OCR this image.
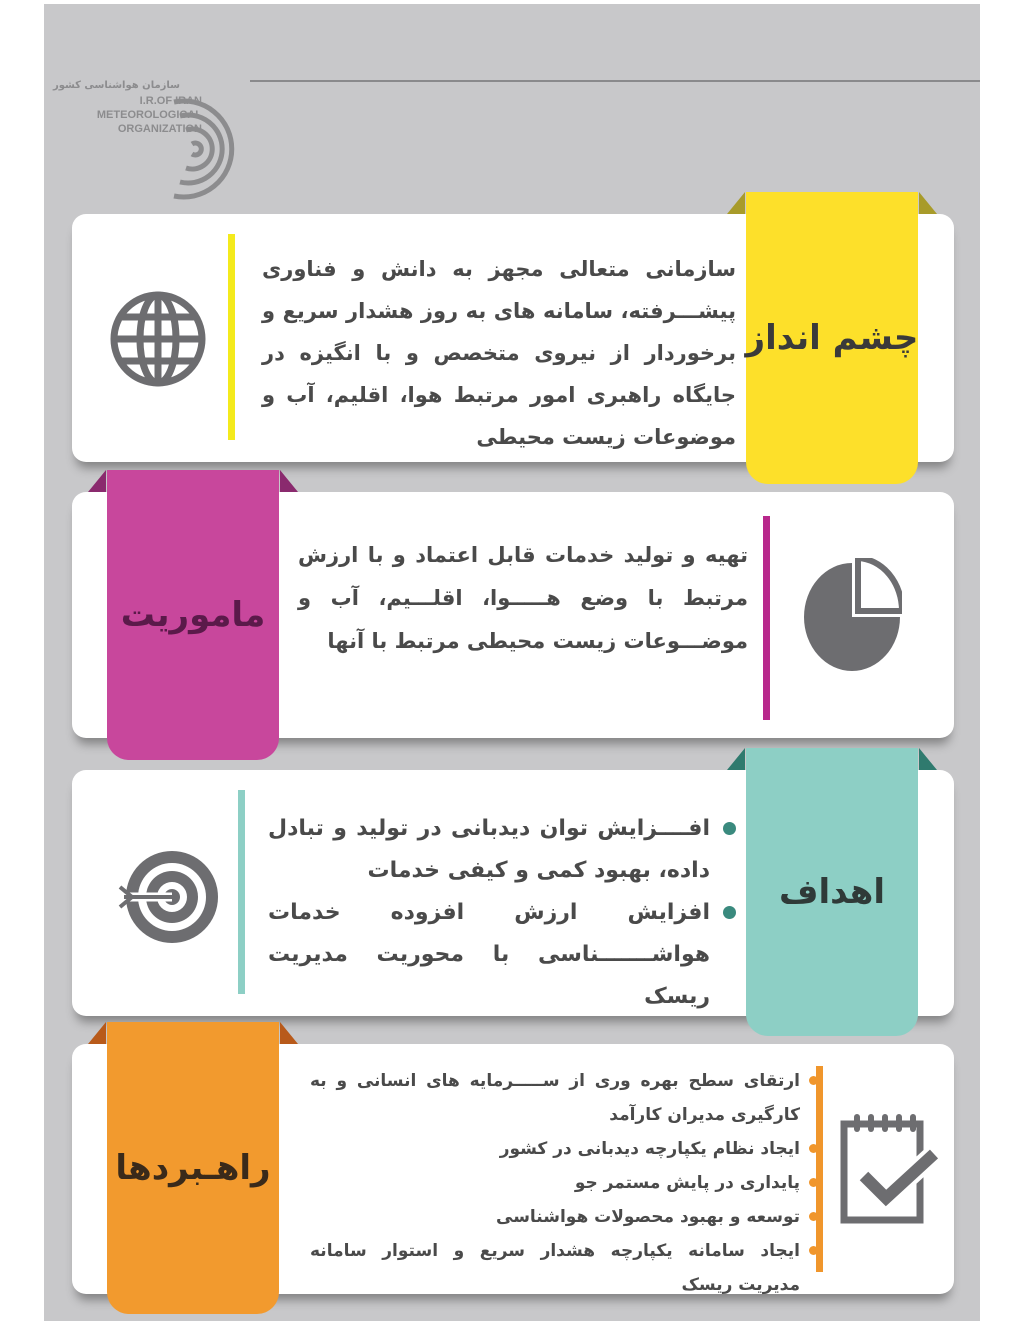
سازمان هواشناسی کشور
I.R.OF IRAN
METEOROLOGICAL
ORGANIZATION
سازمانی متعالی مجهز به دانش و فناوری پیشـــرفته، سامانه های به روز هشدار سریع و برخوردار از نیروی متخصص و با انگیزه در جایگاه راهبری امور مرتبط هوا، اقلیم، آب و موضوعات زیست محیطی
چشم انداز
تهیه و تولید خدمات قابل اعتماد و با ارزش مرتبط با وضع هـــــوا، اقلـــیم، آب و موضـــوعات زیست محیطی مرتبط با آنها
ماموریت
افــــزایش توان دیدبانی در تولید و تبادل داده، بهبود کمی و کیفی خدمات
افزایش ارزش افزوده خدمات هواشـــــــناسی با محوریت مدیریت ریسک
اهداف
ارتقای سطح بهره وری از ســـــرمایه های انسانی و به کارگیری مدیران کارآمد
ایجاد نظام یکپارچه دیدبانی در کشور
پایداری در پایش مستمر جو
توسعه و بهبود محصولات هواشناسی
ایجاد سامانه یکپارچه هشدار سریع و استوار سامانه مدیریت ریسک
راهـبردها
